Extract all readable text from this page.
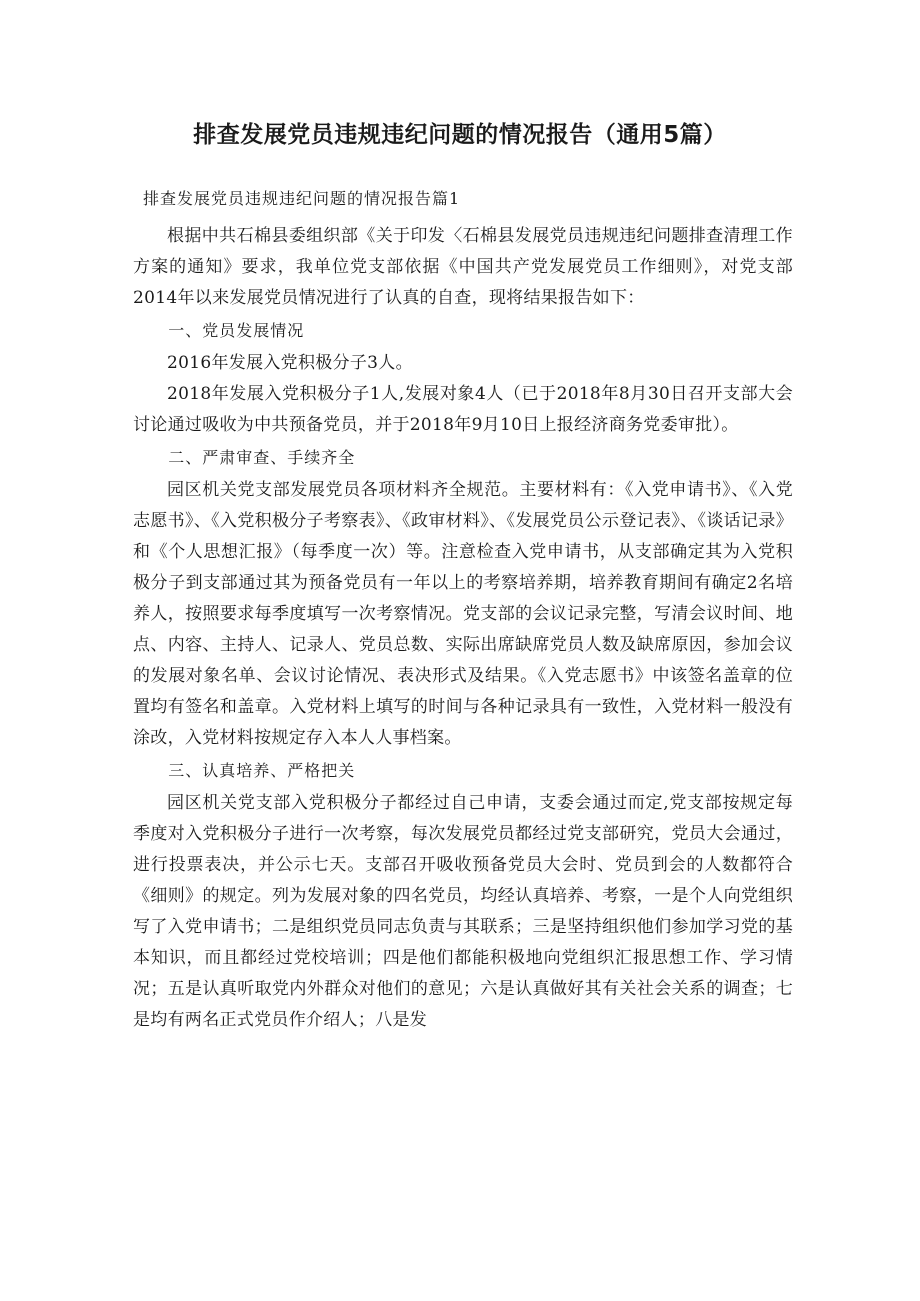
排查发展党员违规违纪问题的情况报告（通用5篇）

排查发展党员违规违纪问题的情况报告篇1

根据中共石棉县委组织部《关于印发〈石棉县发展党员违规违纪问题排查清理工作方案的通知》要求，我单位党支部依据《中国共产党发展党员工作细则》，对党支部2014年以来发展党员情况进行了认真的自查，现将结果报告如下：

一、党员发展情况

2016年发展入党积极分子3人。

2018年发展入党积极分子1人,发展对象4人（已于2018年8月30日召开支部大会讨论通过吸收为中共预备党员，并于2018年9月10日上报经济商务党委审批）。

二、严肃审查、手续齐全

园区机关党支部发展党员各项材料齐全规范。主要材料有：《入党申请书》、《入党志愿书》、《入党积极分子考察表》、《政审材料》、《发展党员公示登记表》、《谈话记录》和《个人思想汇报》（每季度一次）等。注意检查入党申请书，从支部确定其为入党积极分子到支部通过其为预备党员有一年以上的考察培养期，培养教育期间有确定2名培养人，按照要求每季度填写一次考察情况。党支部的会议记录完整，写清会议时间、地点、内容、主持人、记录人、党员总数、实际出席缺席党员人数及缺席原因，参加会议的发展对象名单、会议讨论情况、表决形式及结果。《入党志愿书》中该签名盖章的位置均有签名和盖章。入党材料上填写的时间与各种记录具有一致性，入党材料一般没有涂改，入党材料按规定存入本人人事档案。

三、认真培养、严格把关

园区机关党支部入党积极分子都经过自己申请，支委会通过而定,党支部按规定每季度对入党积极分子进行一次考察，每次发展党员都经过党支部研究，党员大会通过，进行投票表决，并公示七天。支部召开吸收预备党员大会时、党员到会的人数都符合《细则》的规定。列为发展对象的四名党员，均经认真培养、考察，一是个人向党组织写了入党申请书；二是组织党员同志负责与其联系；三是坚持组织他们参加学习党的基本知识，而且都经过党校培训；四是他们都能积极地向党组织汇报思想工作、学习情况；五是认真听取党内外群众对他们的意见；六是认真做好其有关社会关系的调查；七是均有两名正式党员作介绍人；八是发
